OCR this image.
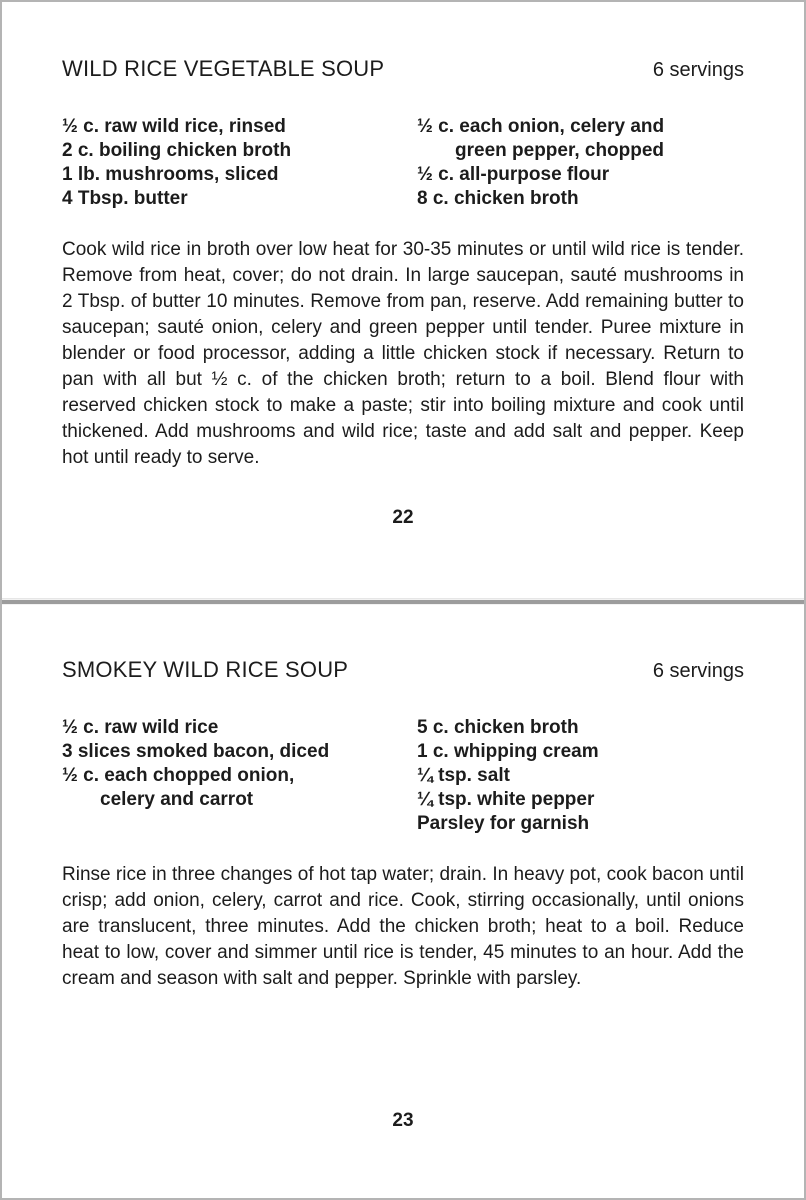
WILD RICE VEGETABLE SOUP	6 servings
½ c. raw wild rice, rinsed
2 c. boiling chicken broth
1 lb. mushrooms, sliced
4 Tbsp. butter
½ c. each onion, celery and
green pepper, chopped
½ c. all-purpose flour
8 c. chicken broth

Cook wild rice in broth over low heat for 30-35 minutes or until wild rice is tender. Remove from heat, cover; do not drain. In large saucepan, sauté mushrooms in 2 Tbsp. of butter 10 minutes. Remove from pan, reserve. Add remaining butter to saucepan; sauté onion, celery and green pepper until tender. Puree mixture in blender or food processor, adding a little chicken stock if necessary. Return to pan with all but ½ c. of the chicken broth; return to a boil. Blend flour with reserved chicken stock to make a paste; stir into boiling mixture and cook until thickened. Add mushrooms and wild rice; taste and add salt and pepper. Keep hot until ready to serve.

22
SMOKEY WILD RICE SOUP	6 servings
½ c. raw wild rice
3 slices smoked bacon, diced
½ c. each chopped onion,
celery and carrot
5 c. chicken broth
1 c. whipping cream
¼ tsp. salt
¼ tsp. white pepper
Parsley for garnish

Rinse rice in three changes of hot tap water; drain. In heavy pot, cook bacon until crisp; add onion, celery, carrot and rice. Cook, stirring occasionally, until onions are translucent, three minutes. Add the chicken broth; heat to a boil. Reduce heat to low, cover and simmer until rice is tender, 45 minutes to an hour. Add the cream and season with salt and pepper. Sprinkle with parsley.

23
